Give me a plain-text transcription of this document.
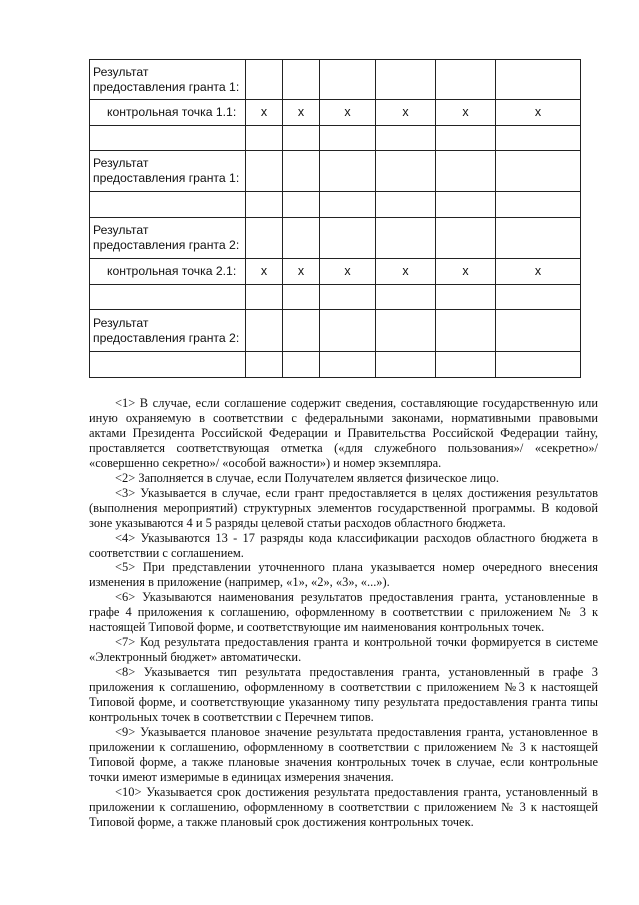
Результат предоставления гранта 1:						
контрольная точка 1.1:	x	x	x	x	x	x

Результат предоставления гранта 1:						

Результат предоставления гранта 2:						
контрольная точка 2.1:	x	x	x	x	x	x

Результат предоставления гранта 2:						

<1> В случае, если соглашение содержит сведения, составляющие государственную или иную охраняемую в соответствии с федеральными законами, нормативными правовыми актами Президента Российской Федерации и Правительства Российской Федерации тайну, проставляется соответствующая отметка («для служебного пользования»/ «секретно»/ «совершенно секретно»/ «особой важности») и номер экземпляра.

<2> Заполняется в случае, если Получателем является физическое лицо.

<3> Указывается в случае, если грант предоставляется в целях достижения результатов (выполнения мероприятий) структурных элементов государственной программы. В кодовой зоне указываются 4 и 5 разряды целевой статьи расходов областного бюджета.

<4> Указываются 13 - 17 разряды кода классификации расходов областного бюджета в соответствии с соглашением.

<5> При представлении уточненного плана указывается номер очередного внесения изменения в приложение (например, «1», «2», «3», «...»).

<6> Указываются наименования результатов предоставления гранта, установленные в графе 4 приложения к соглашению, оформленному в соответствии с приложением № 3 к настоящей Типовой форме, и соответствующие им наименования контрольных точек.

<7> Код результата предоставления гранта и контрольной точки формируется в системе «Электронный бюджет» автоматически.

<8> Указывается тип результата предоставления гранта, установленный в графе 3 приложения к соглашению, оформленному в соответствии с приложением №3 к настоящей Типовой форме, и соответствующие указанному типу результата предоставления гранта типы контрольных точек в соответствии с Перечнем типов.

<9> Указывается плановое значение результата предоставления гранта, установленное в приложении к соглашению, оформленному в соответствии с приложением № 3 к настоящей Типовой форме, а также плановые значения контрольных точек в случае, если контрольные точки имеют измеримые в единицах измерения значения.

<10> Указывается срок достижения результата предоставления гранта, установленный в приложении к соглашению, оформленному в соответствии с приложением № 3 к настоящей Типовой форме, а также плановый срок достижения контрольных точек.
